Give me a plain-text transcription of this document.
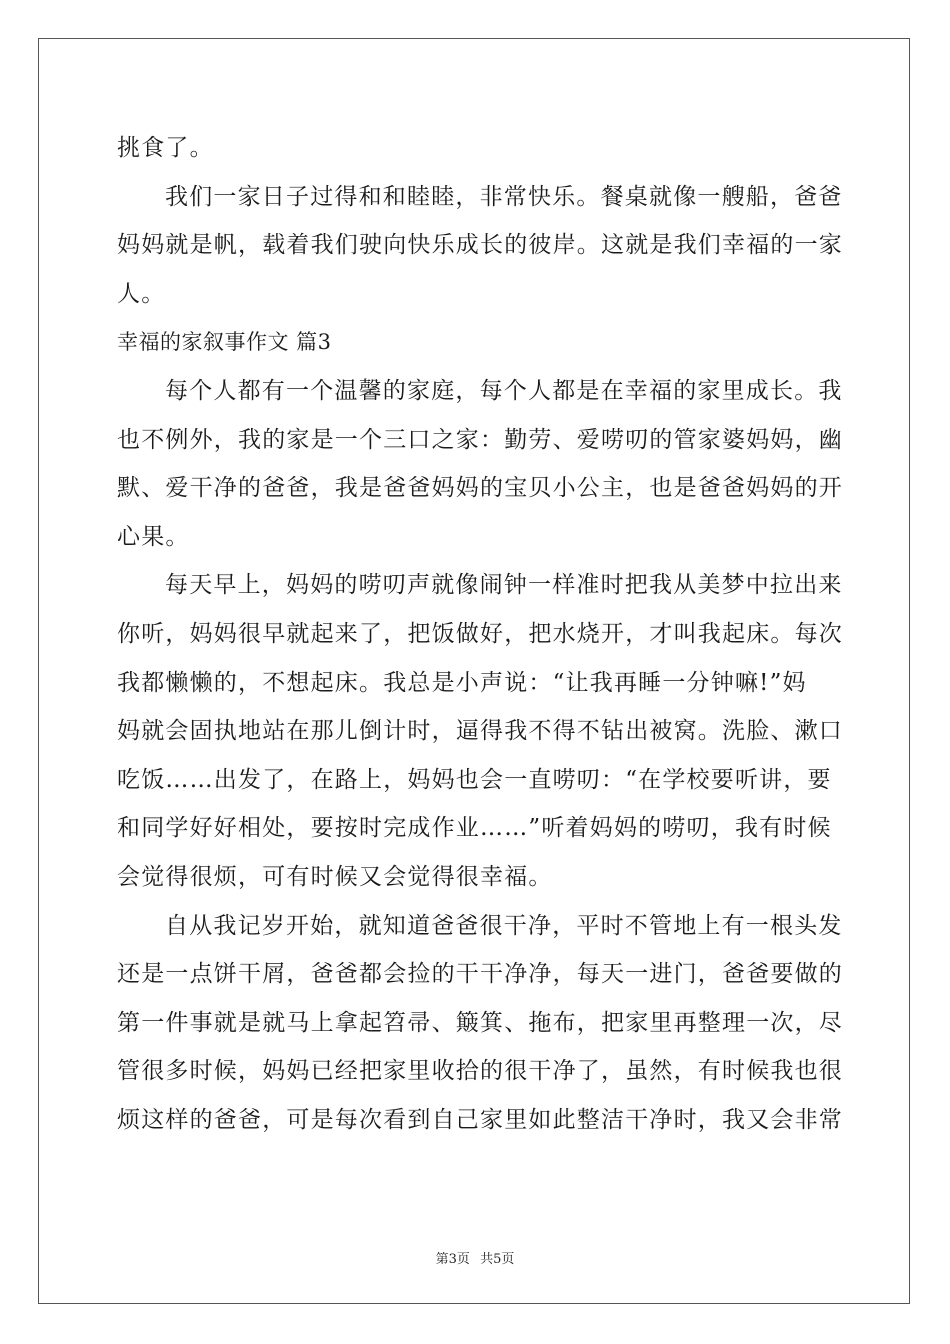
挑食了。
我们一家日子过得和和睦睦，非常快乐。餐桌就像一艘船，爸爸
妈妈就是帆，载着我们驶向快乐成长的彼岸。这就是我们幸福的一家
人。
幸福的家叙事作文 篇3
每个人都有一个温馨的家庭，每个人都是在幸福的家里成长。我
也不例外，我的家是一个三口之家：勤劳、爱唠叨的管家婆妈妈，幽
默、爱干净的爸爸，我是爸爸妈妈的宝贝小公主，也是爸爸妈妈的开
心果。
每天早上，妈妈的唠叨声就像闹钟一样准时把我从美梦中拉出来
你听，妈妈很早就起来了，把饭做好，把水烧开，才叫我起床。每次
我都懒懒的，不想起床。我总是小声说：“让我再睡一分钟嘛!”妈
妈就会固执地站在那儿倒计时，逼得我不得不钻出被窝。洗脸、漱口
吃饭……出发了，在路上，妈妈也会一直唠叨：“在学校要听讲，要
和同学好好相处，要按时完成作业……”听着妈妈的唠叨，我有时候
会觉得很烦，可有时候又会觉得很幸福。
自从我记岁开始，就知道爸爸很干净，平时不管地上有一根头发
还是一点饼干屑，爸爸都会捡的干干净净，每天一进门，爸爸要做的
第一件事就是就马上拿起笤帚、簸箕、拖布，把家里再整理一次，尽
管很多时候，妈妈已经把家里收拾的很干净了，虽然，有时候我也很
烦这样的爸爸，可是每次看到自己家里如此整洁干净时，我又会非常
第3页 共5页
